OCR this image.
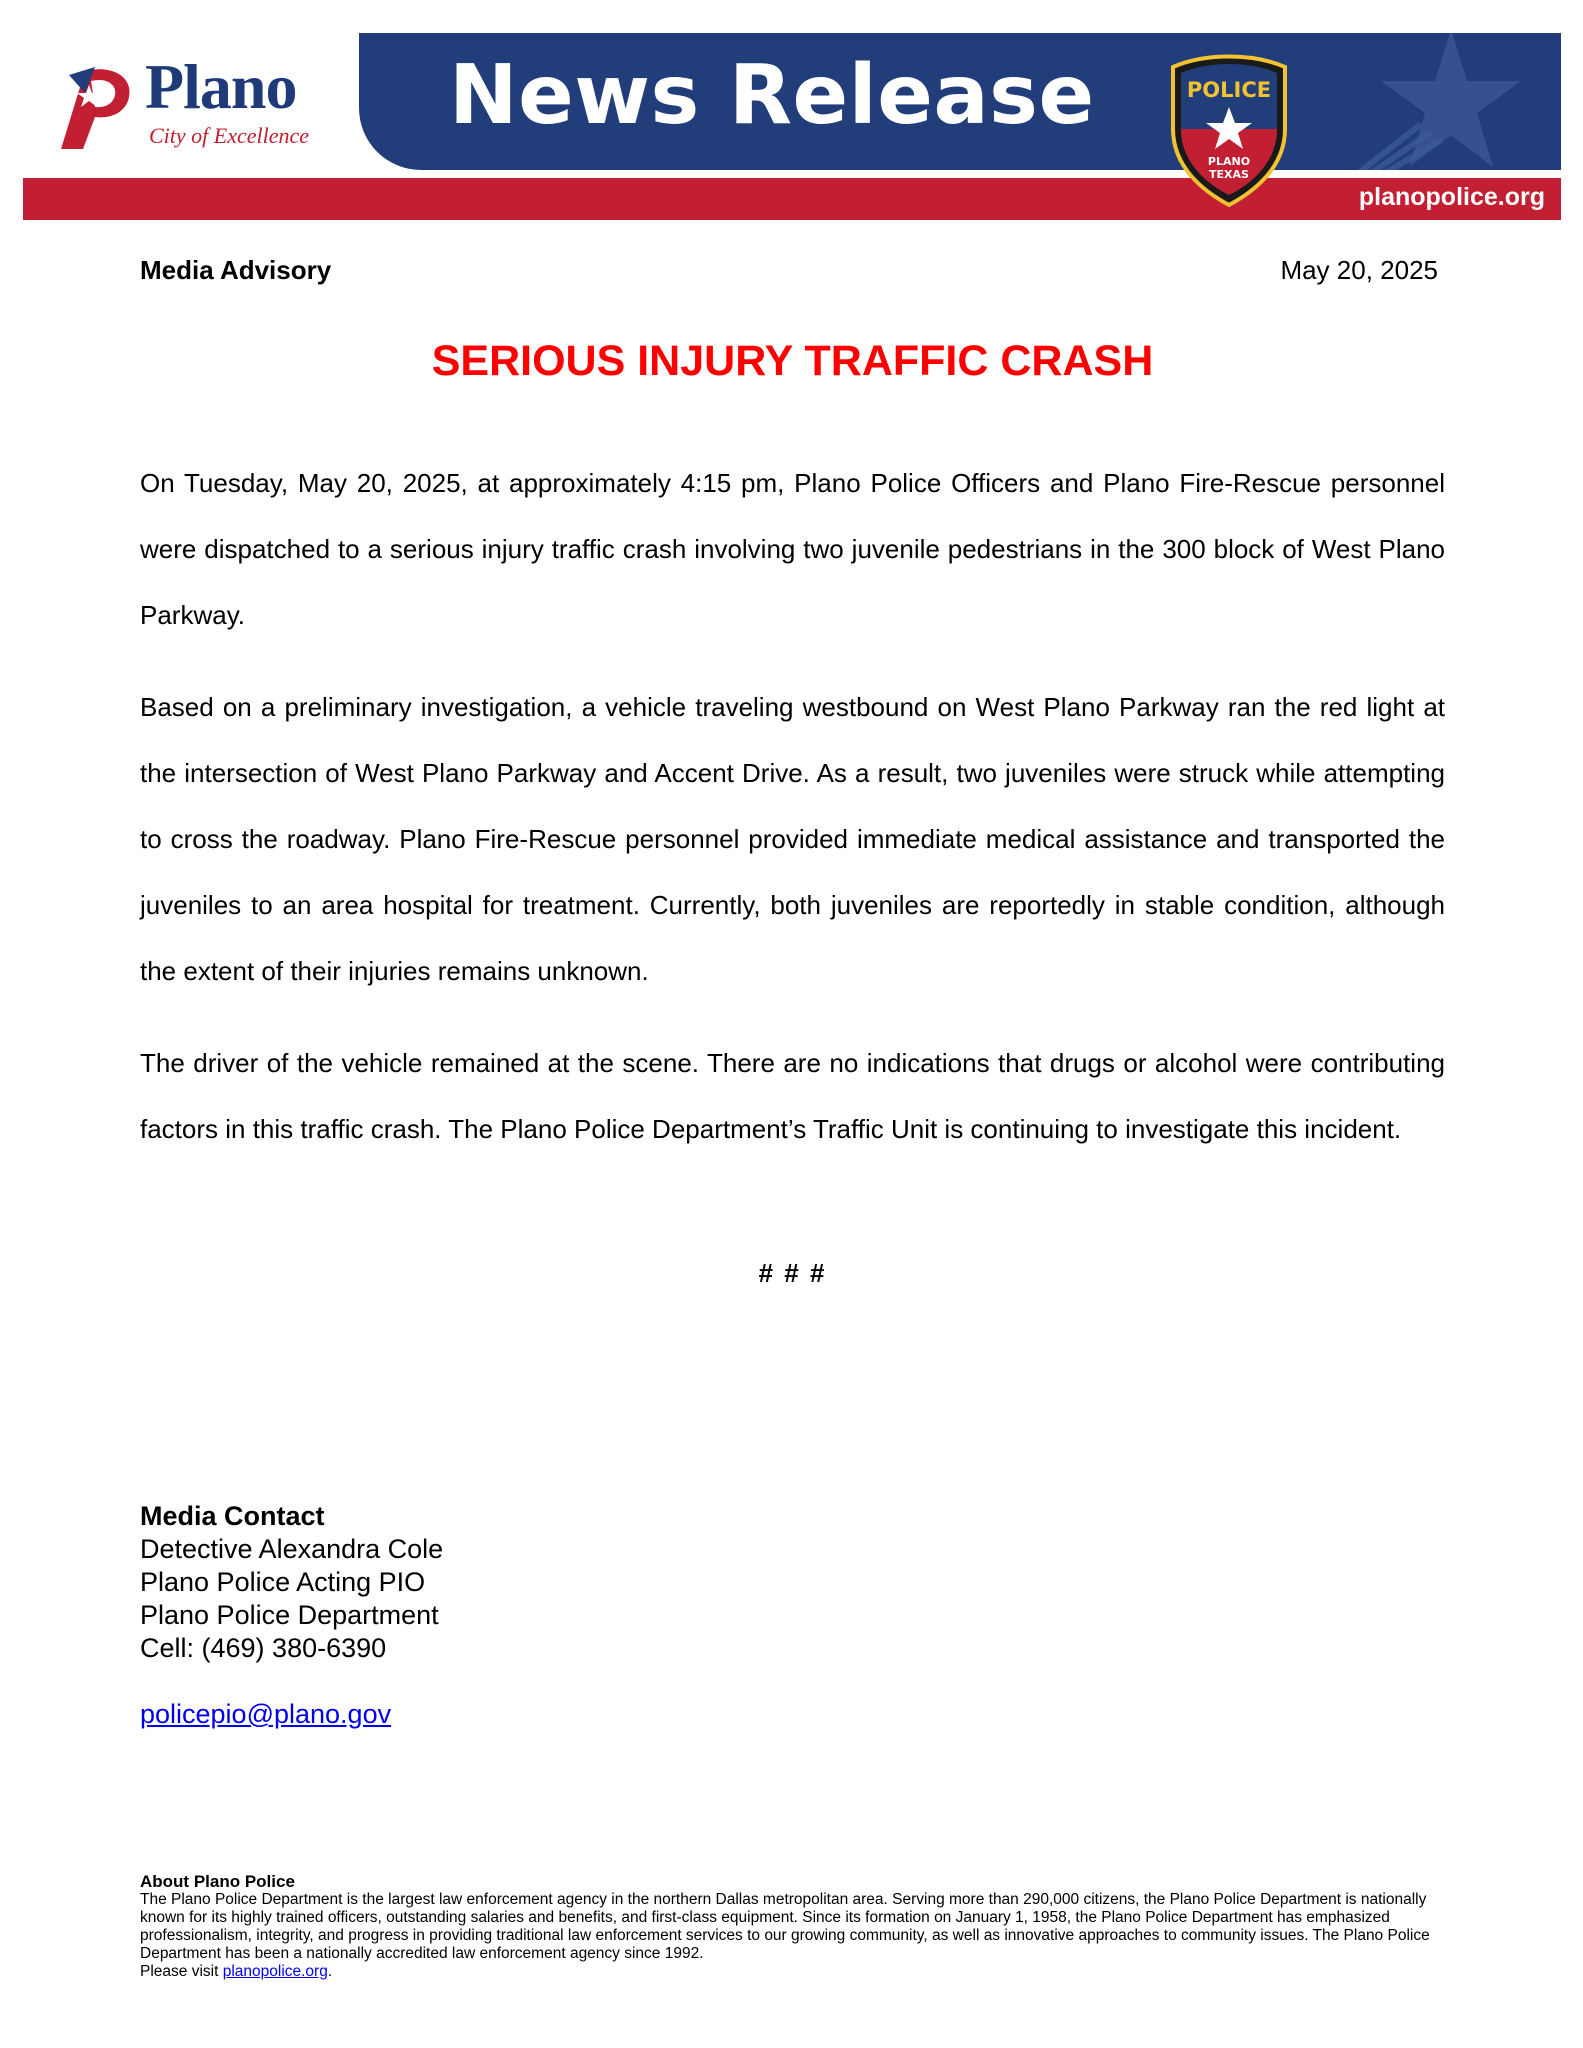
Plano
City of Excellence News Release
planopolice.org
POLICE
PLANO
TEXAS
Media Advisory	May 20, 2025
SERIOUS INJURY TRAFFIC CRASH

On Tuesday, May 20, 2025, at approximately 4:15 pm, Plano Police Officers and Plano Fire-Rescue personnel were dispatched to a serious injury traffic crash involving two juvenile pedestrians in the 300 block of West Plano Parkway.

Based on a preliminary investigation, a vehicle traveling westbound on West Plano Parkway ran the red light at the intersection of West Plano Parkway and Accent Drive. As a result, two juveniles were struck while attempting to cross the roadway. Plano Fire-Rescue personnel provided immediate medical assistance and transported the juveniles to an area hospital for treatment. Currently, both juveniles are reportedly in stable condition, although the extent of their injuries remains unknown.

The driver of the vehicle remained at the scene. There are no indications that drugs or alcohol were contributing factors in this traffic crash. The Plano Police Department’s Traffic Unit is continuing to investigate this incident.

# # #
Media Contact
Detective Alexandra Cole
Plano Police Acting PIO
Plano Police Department
Cell: (469) 380-6390
policepio@plano.gov
About Plano Police
The Plano Police Department is the largest law enforcement agency in the northern Dallas metropolitan area. Serving more than 290,000 citizens, the Plano Police Department is nationally known for its highly trained officers, outstanding salaries and benefits, and first-class equipment. Since its formation on January 1, 1958, the Plano Police Department has emphasized professionalism, integrity, and progress in providing traditional law enforcement services to our growing community, as well as innovative approaches to community issues. The Plano Police Department has been a nationally accredited law enforcement agency since 1992.
Please visit planopolice.org.
